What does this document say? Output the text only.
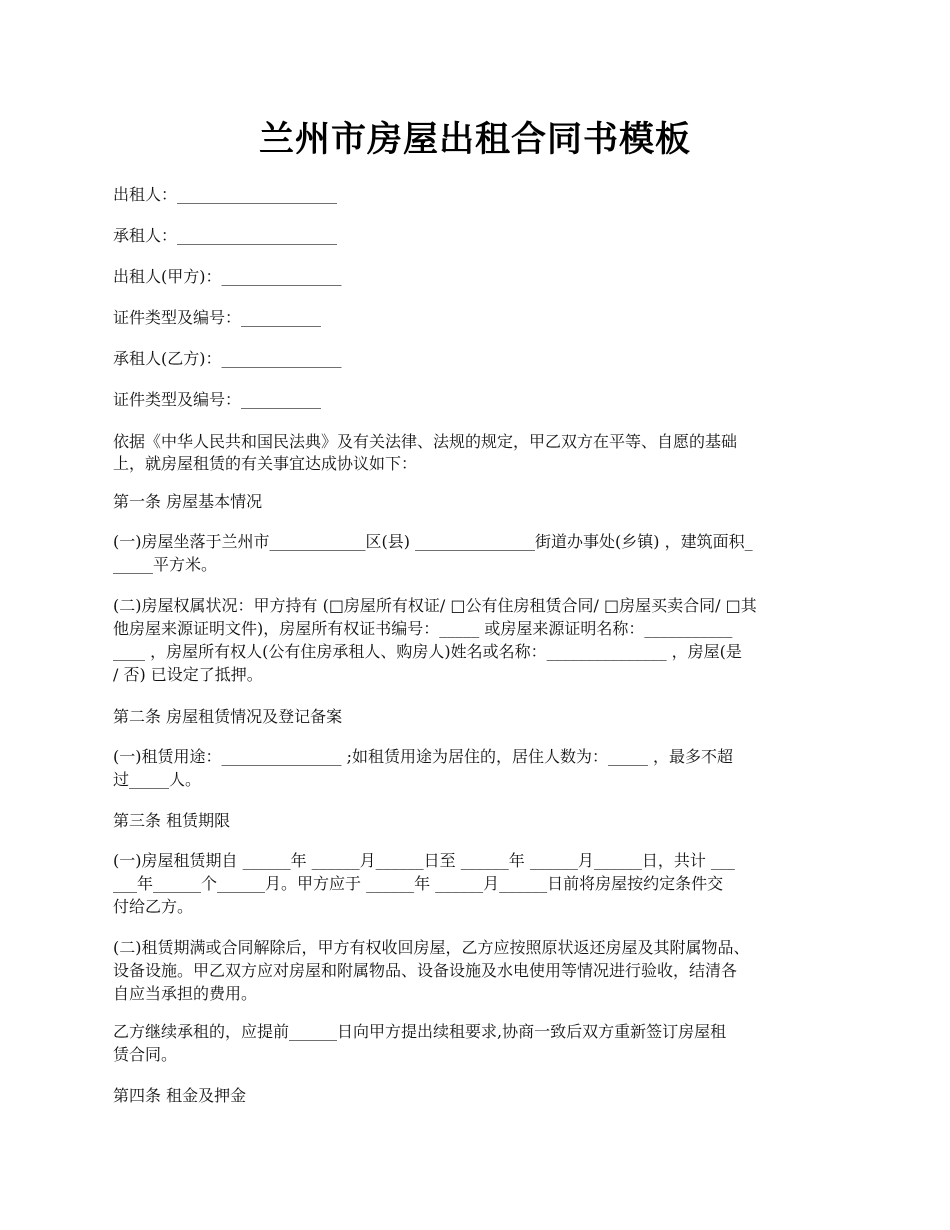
兰州市房屋出租合同书模板

出租人：____________________

承租人：____________________

出租人(甲方)：_______________

证件类型及编号：__________

承租人(乙方)：_______________

证件类型及编号：__________

依据《中华人民共和国民法典》及有关法律、法规的规定，甲乙双方在平等、自愿的基础

上，就房屋租赁的有关事宜达成协议如下：

第一条 房屋基本情况

(一)房屋坐落于兰州市____________区(县) _______________街道办事处(乡镇) ，建筑面积_

_____平方米。

(二)房屋权属状况：甲方持有 (□房屋所有权证/ □公有住房租赁合同/ □房屋买卖合同/ □其

他房屋来源证明文件)，房屋所有权证书编号：_____ 或房屋来源证明名称：___________

____ ，房屋所有权人(公有住房承租人、购房人)姓名或名称：_______________ ，房屋(是

/ 否) 已设定了抵押。

第二条 房屋租赁情况及登记备案

(一)租赁用途：_______________ ;如租赁用途为居住的，居住人数为：_____ ，最多不超

过_____人。

第三条 租赁期限

(一)房屋租赁期自 ______年 ______月______日至 ______年 ______月______日，共计 ___

___年______个______月。甲方应于 ______年 ______月______日前将房屋按约定条件交

付给乙方。

(二)租赁期满或合同解除后，甲方有权收回房屋，乙方应按照原状返还房屋及其附属物品、

设备设施。甲乙双方应对房屋和附属物品、设备设施及水电使用等情况进行验收，结清各

自应当承担的费用。

乙方继续承租的，应提前______日向甲方提出续租要求,协商一致后双方重新签订房屋租

赁合同。

第四条 租金及押金
